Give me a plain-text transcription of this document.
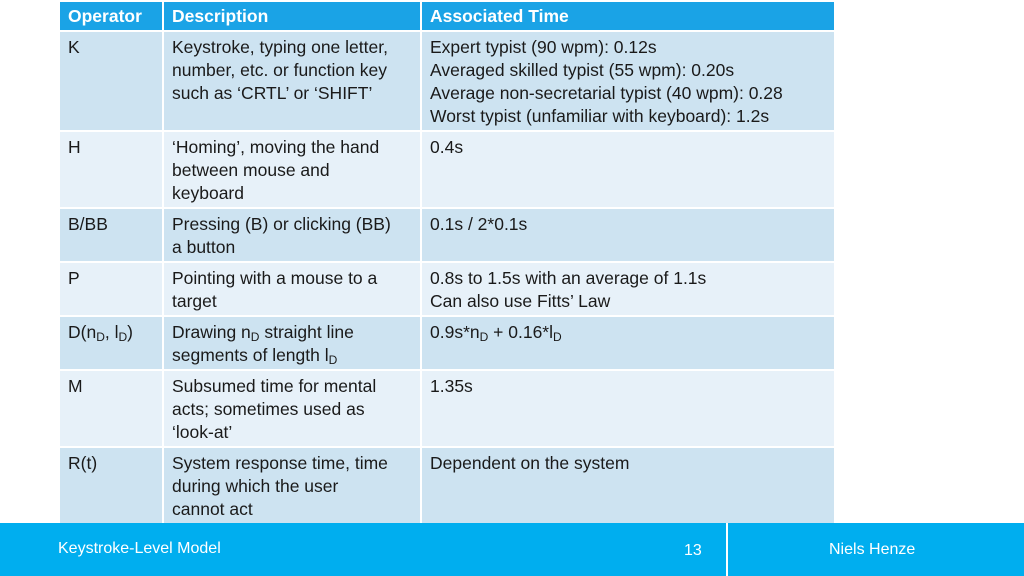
Operator	Description	Associated Time
K	Keystroke, typing one letter,
number, etc. or function key
such as ‘CRTL’ or ‘SHIFT’	Expert typist (90 wpm): 0.12s
Averaged skilled typist (55 wpm): 0.20s
Average non-secretarial typist (40 wpm): 0.28
Worst typist (unfamiliar with keyboard): 1.2s

H	‘Homing’, moving the hand
between mouse and
keyboard	0.4s

B/BB	Pressing (B) or clicking (BB)
a button	0.1s / 2*0.1s

P	Pointing with a mouse to a
target	0.8s to 1.5s with an average of 1.1s
Can also use Fitts’ Law

$D(n_D$, $l_D$)	Drawing $n_D$ straight line
segments of length $l_D$	$0.9s*n_D + 0.16*l_D$

M	Subsumed time for mental
acts; sometimes used as
‘look-at’	1.35s

R(t)	System response time, time
during which the user
cannot act	Dependent on the system
Keystroke-Level Model	13	Niels Henze
